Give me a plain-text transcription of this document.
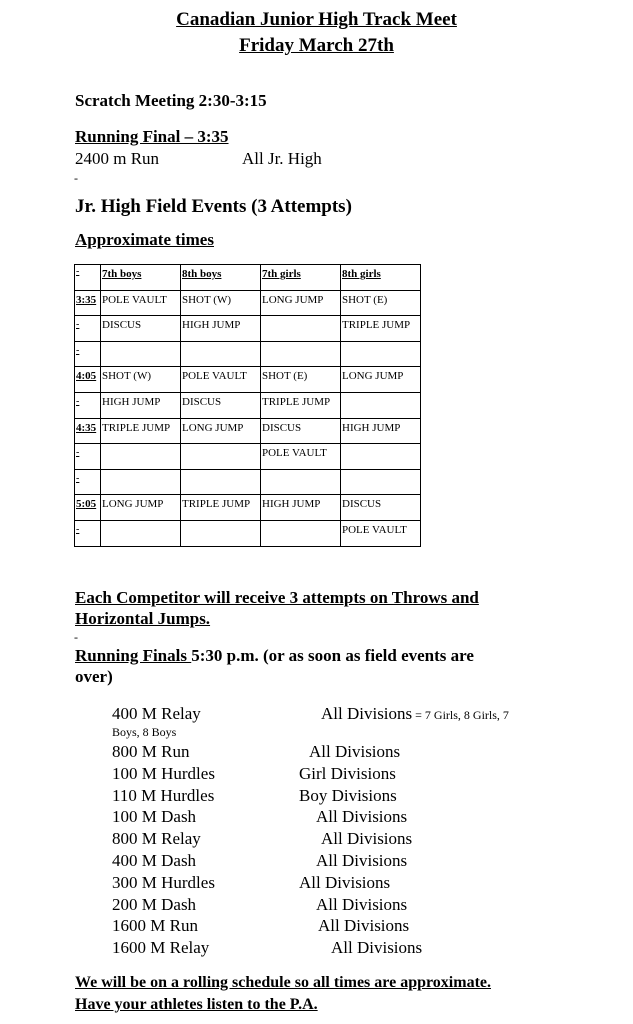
Canadian Junior High Track Meet
Friday March 27th
Scratch Meeting 2:30-3:15
Running Final – 3:35
2400 m Run	All Jr. High
-
Jr. High Field Events (3 Attempts)
Approximate times
-	7th boys	8th boys	7th girls	8th girls

3:35	POLE VAULT	SHOT (W)	LONG JUMP	SHOT (E)

-	DISCUS	HIGH JUMP		TRIPLE JUMP

-				

4:05	SHOT (W)	POLE VAULT	SHOT (E)	LONG JUMP

-	HIGH JUMP	DISCUS	TRIPLE JUMP	

4:35	TRIPLE JUMP	LONG JUMP	DISCUS	HIGH JUMP

-			POLE VAULT	

-				

5:05	LONG JUMP	TRIPLE JUMP	HIGH JUMP	DISCUS

-				POLE VAULT
Each Competitor will receive 3 attempts on Throws and
Horizontal Jumps.
-
Running Finals 5:30 p.m. (or as soon as field events are
over)
400 M Relay	All Divisions = 7 Girls, 8 Girls, 7
Boys, 8 Boys
800 M Run	All Divisions
100 M Hurdles	Girl Divisions
110 M Hurdles	Boy Divisions
100 M Dash	All Divisions
800 M Relay	All Divisions
400 M Dash	All Divisions
300 M Hurdles	All Divisions
200 M Dash	All Divisions
1600 M Run	All Divisions
1600 M Relay	All Divisions
We will be on a rolling schedule so all times are approximate.
Have your athletes listen to the P.A.
